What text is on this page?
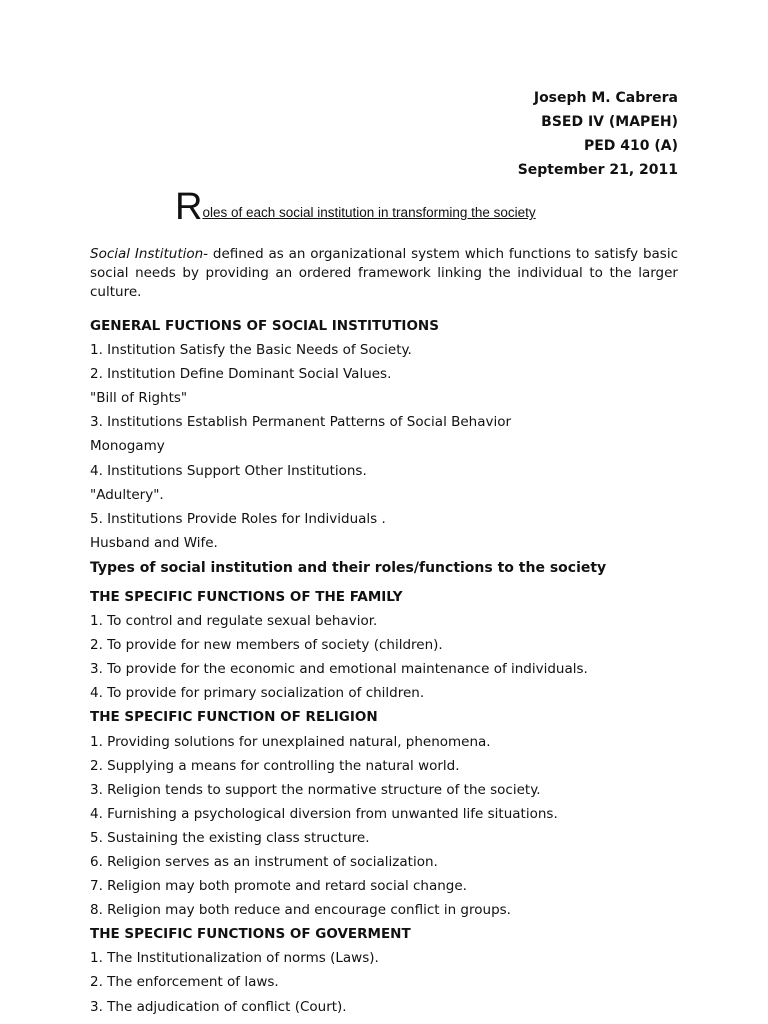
Joseph M. Cabrera
BSED IV (MAPEH)
PED 410 (A)
September 21, 2011
Roles of each social institution in transforming the society
Social Institution- defined as an organizational system which functions to satisfy basic social needs by providing an ordered framework linking the individual to the larger culture.
GENERAL FUCTIONS OF SOCIAL INSTITUTIONS
1. Institution Satisfy the Basic Needs of Society.
2. Institution Define Dominant Social Values.
"Bill of Rights"
3. Institutions Establish Permanent Patterns of Social Behavior
Monogamy
4. Institutions Support Other Institutions.
"Adultery".
5. Institutions Provide Roles for Individuals .
Husband and Wife.
Types of social institution and their roles/functions to the society
THE SPECIFIC FUNCTIONS OF THE FAMILY
1. To control and regulate sexual behavior.
2. To provide for new members of society (children).
3. To provide for the economic and emotional maintenance of individuals.
4. To provide for primary socialization of children.
THE SPECIFIC FUNCTION OF RELIGION
1. Providing solutions for unexplained natural, phenomena.
2. Supplying a means for controlling the natural world.
3. Religion tends to support the normative structure of the society.
4. Furnishing a psychological diversion from unwanted life situations.
5. Sustaining the existing class structure.
6. Religion serves as an instrument of socialization.
7. Religion may both promote and retard social change.
8. Religion may both reduce and encourage conflict in groups.
THE SPECIFIC FUNCTIONS OF GOVERMENT
1. The Institutionalization of norms (Laws).
2. The enforcement of laws.
3. The adjudication of conflict (Court).
